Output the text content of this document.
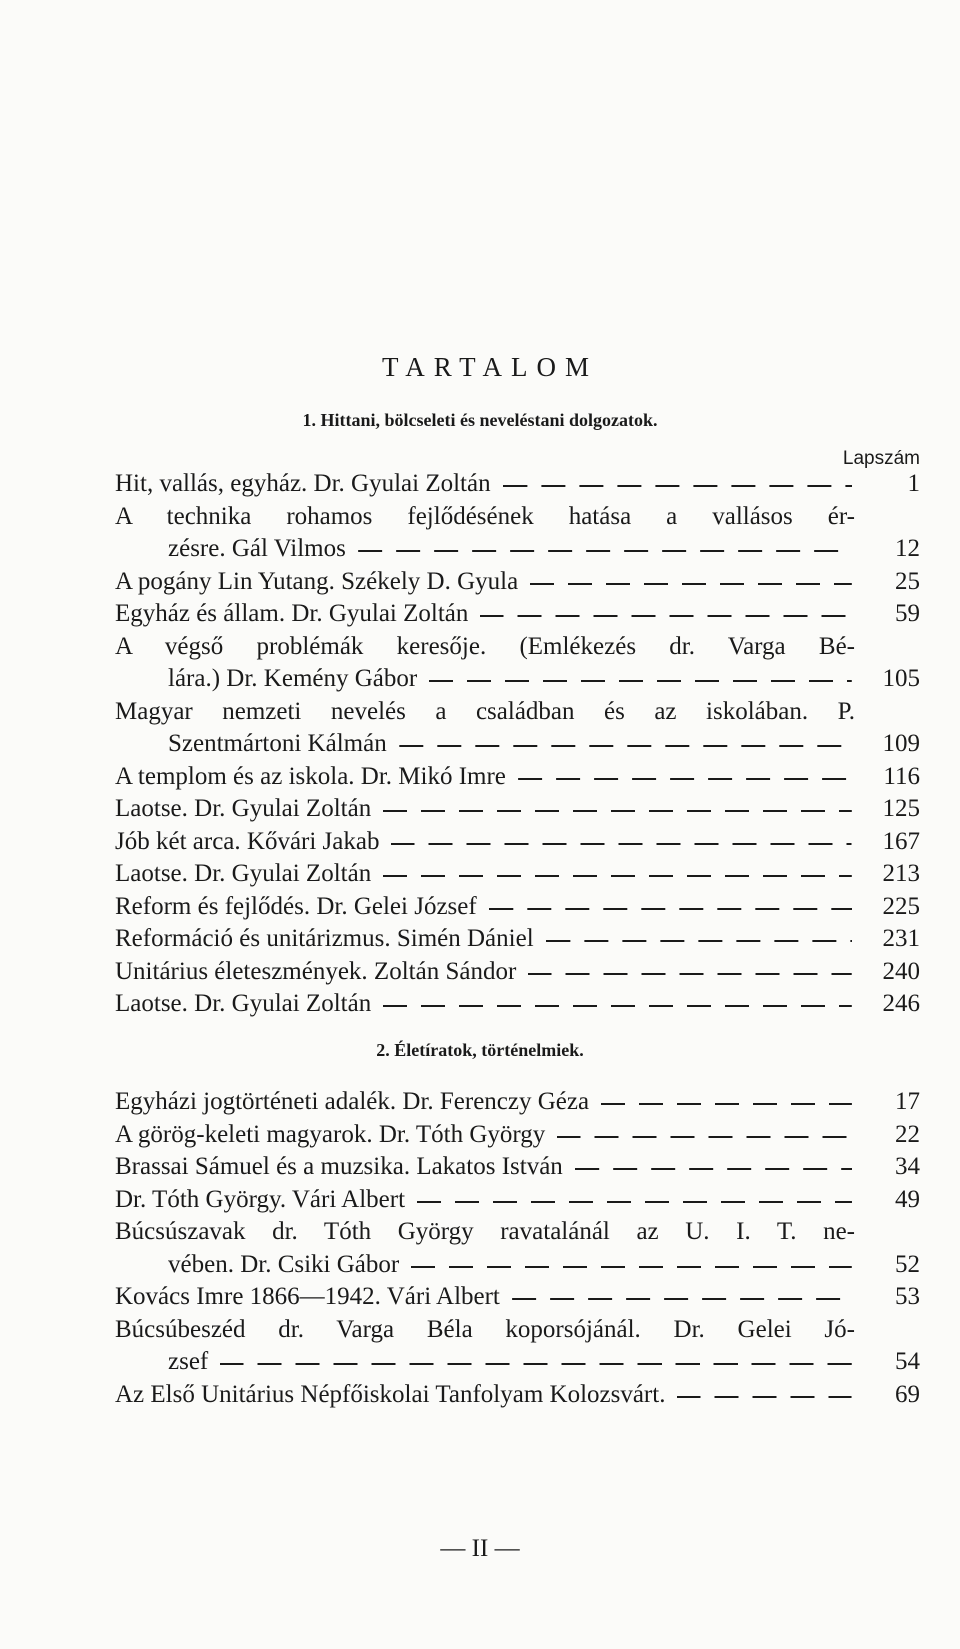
TARTALOM
1. Hittani, bölcseleti és neveléstani dolgozatok.
Lapszám
Hit, vallás, egyház. Dr. Gyulai Zoltán	1
A technika rohamos fejlődésének hatása a vallásos ér-
zésre. Gál Vilmos	12
A pogány Lin Yutang. Székely D. Gyula	25
Egyház és állam. Dr. Gyulai Zoltán	59
A végső problémák keresője. (Emlékezés dr. Varga Bé-
lára.) Dr. Kemény Gábor	105
Magyar nemzeti nevelés a családban és az iskolában. P.
Szentmártoni Kálmán	109
A templom és az iskola. Dr. Mikó Imre	116
Laotse. Dr. Gyulai Zoltán	125
Jób két arca. Kővári Jakab	167
Laotse. Dr. Gyulai Zoltán	213
Reform és fejlődés. Dr. Gelei József	225
Reformáció és unitárizmus. Simén Dániel	231
Unitárius életeszmények. Zoltán Sándor	240
Laotse. Dr. Gyulai Zoltán	246
2. Életíratok, történelmiek.
Egyházi jogtörténeti adalék. Dr. Ferenczy Géza	17
A görög-keleti magyarok. Dr. Tóth György	22
Brassai Sámuel és a muzsika. Lakatos István	34
Dr. Tóth György. Vári Albert	49
Búcsúszavak dr. Tóth György ravatalánál az U. I. T. ne-
vében. Dr. Csiki Gábor	52
Kovács Imre 1866—1942. Vári Albert	53
Búcsúbeszéd dr. Varga Béla koporsójánál. Dr. Gelei Jó-
zsef	54
Az Első Unitárius Népfőiskolai Tanfolyam Kolozsvárt.	69
— II —
